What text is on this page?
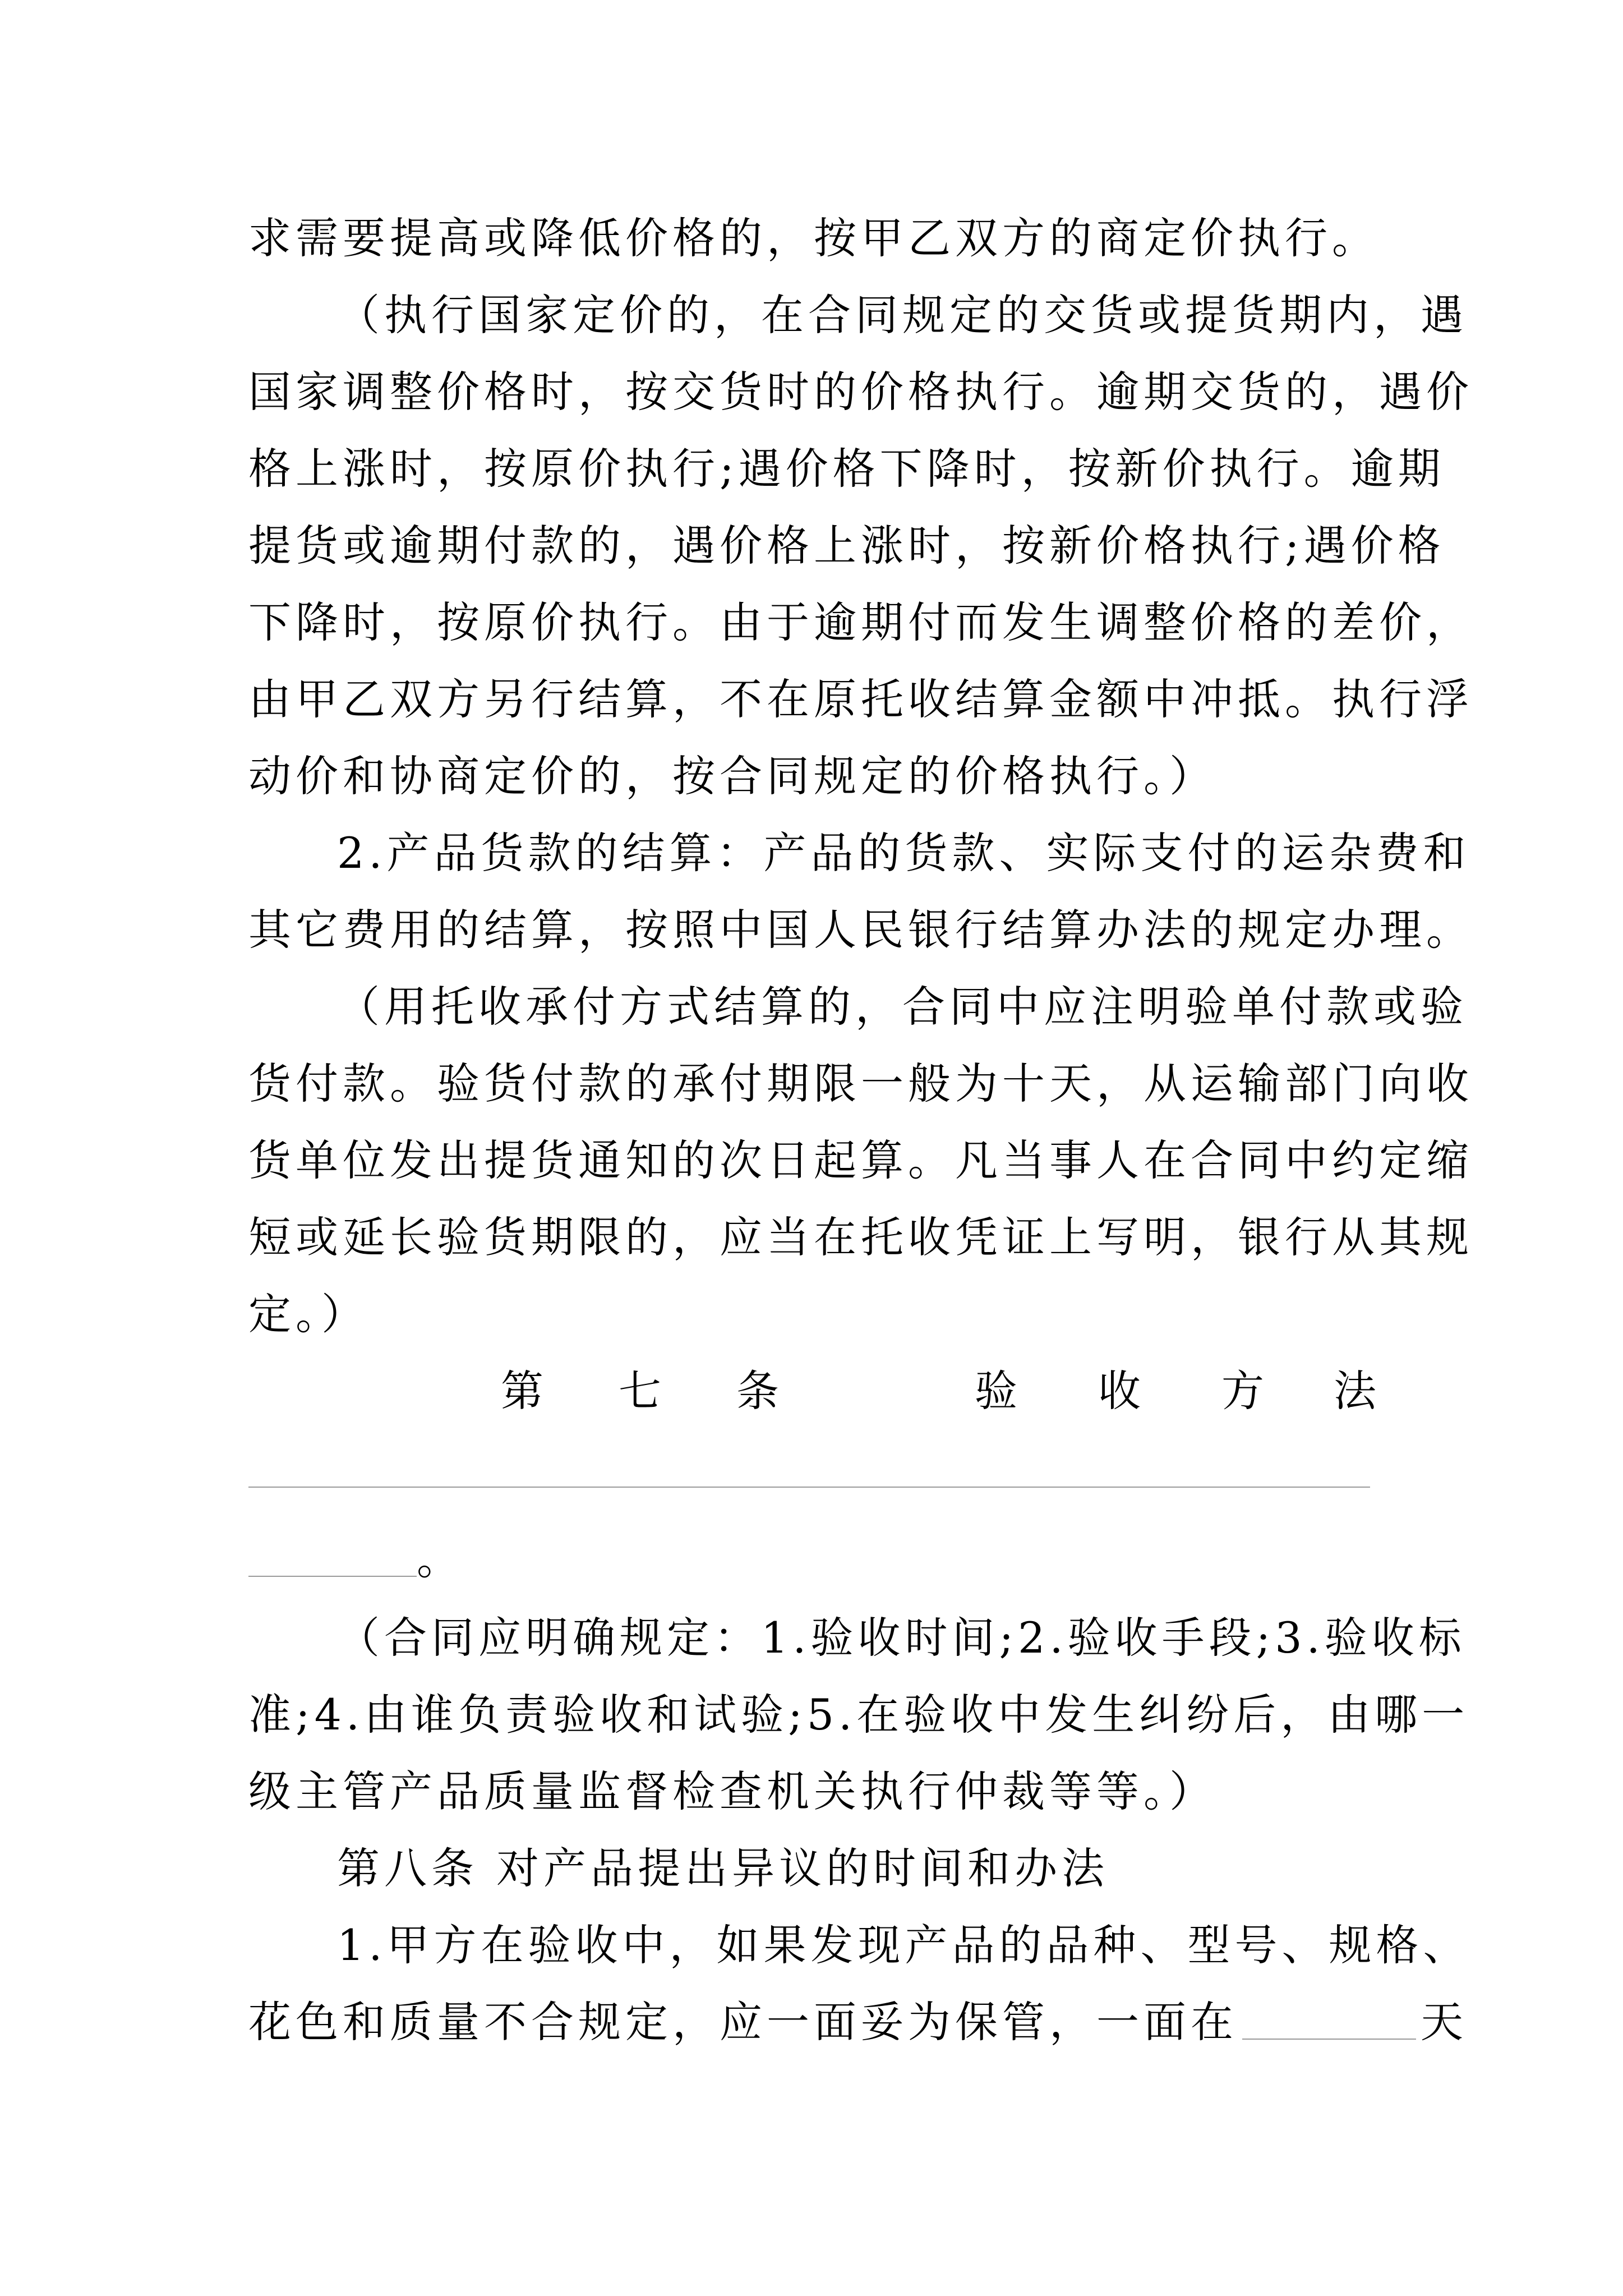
求需要提高或降低价格的，按甲乙双方的商定价执行。
（执行国家定价的，在合同规定的交货或提货期内，遇
国家调整价格时，按交货时的价格执行。逾期交货的，遇价
格上涨时，按原价执行;遇价格下降时，按新价执行。逾期
提货或逾期付款的，遇价格上涨时，按新价格执行;遇价格
下降时，按原价执行。由于逾期付而发生调整价格的差价，
由甲乙双方另行结算，不在原托收结算金额中冲抵。执行浮
动价和协商定价的，按合同规定的价格执行。）
2.产品货款的结算：产品的货款、实际支付的运杂费和
其它费用的结算，按照中国人民银行结算办法的规定办理。
（用托收承付方式结算的，合同中应注明验单付款或验
货付款。验货付款的承付期限一般为十天，从运输部门向收
货单位发出提货通知的次日起算。凡当事人在合同中约定缩
短或延长验货期限的，应当在托收凭证上写明，银行从其规
定。）
第 七 条	验 收 方 法
。
（合同应明确规定：1.验收时间;2.验收手段;3.验收标
准;4.由谁负责验收和试验;5.在验收中发生纠纷后，由哪一
级主管产品质量监督检查机关执行仲裁等等。）
第八条 对产品提出异议的时间和办法
1.甲方在验收中，如果发现产品的品种、型号、规格、
花色和质量不合规定，应一面妥为保管，一面在	天
